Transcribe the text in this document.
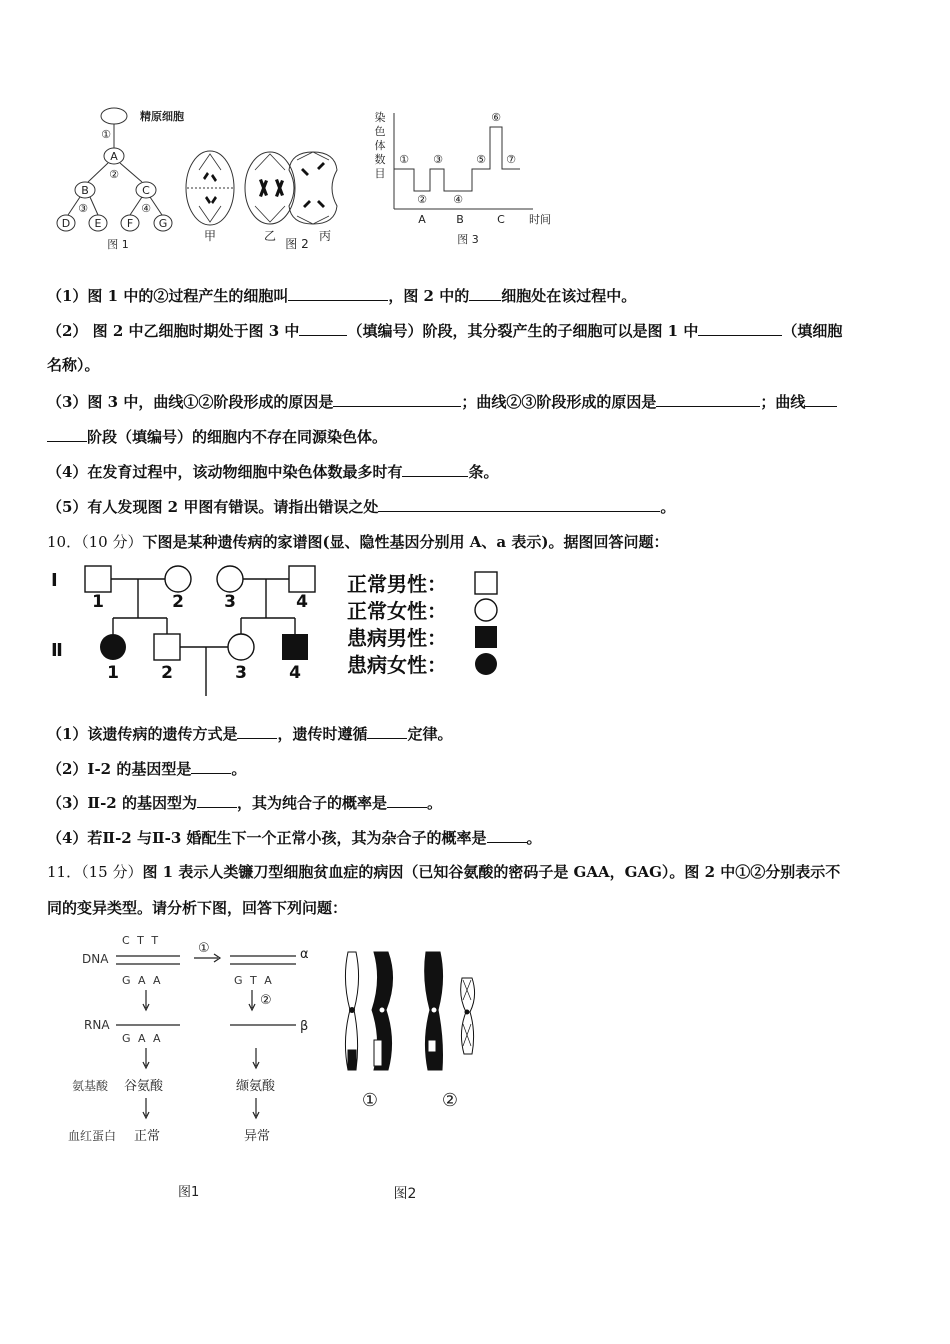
精原细胞
①
A
②
B	C
③	④
D E F G
图 1
甲	乙
图 2
丙
染
色
体
数
目
①
②
③
④
⑤
⑥
⑦
A	B	C 时间
图 3
（1）图 1 中的②过程产生的细胞叫	，图 2 中的 细胞处在该过程中。
（2） 图 2 中乙细胞时期处于图 3 中	（填编号）阶段，其分裂产生的子细胞可以是图 1 中	（填细胞
名称）。
（3）图 3 中，曲线①②阶段形成的原因是	；曲线②③阶段形成的原因是	；曲线
阶段（填编号）的细胞内不存在同源染色体。
（4）在发育过程中，该动物细胞中染色体数最多时有	条。
（5）有人发现图 2 甲图有错误。请指出错误之处	。
10．（10 分）下图是某种遗传病的家谱图(显、隐性基因分别用 A、a 表示)。据图回答问题：
Ⅰ
Ⅱ
1	2 3	4
1 2	3 4
正常男性：
正常女性：
患病男性：
患病女性：
（1）该遗传病的遗传方式是	，遗传时遵循	定律。
（2）Ⅰ-2 的基因型是	。
（3）Ⅱ-2 的基因型为	，其为纯合子的概率是	。
（4）若Ⅱ-2 与Ⅱ-3 婚配生下一个正常小孩，其为杂合子的概率是	。
11．（15 分）图 1 表示人类镰刀型细胞贫血症的病因（已知谷氨酸的密码子是 GAA，GAG）。图 2 中①②分别表示不
同的变异类型。请分析下图，回答下列问题：
DNA
RNA
氨基酸
血红蛋白
C T T
G A A
G A A
G T A
①
②
α
β
谷氨酸	缬氨酸
正常	异常
图1
①	②
图2
